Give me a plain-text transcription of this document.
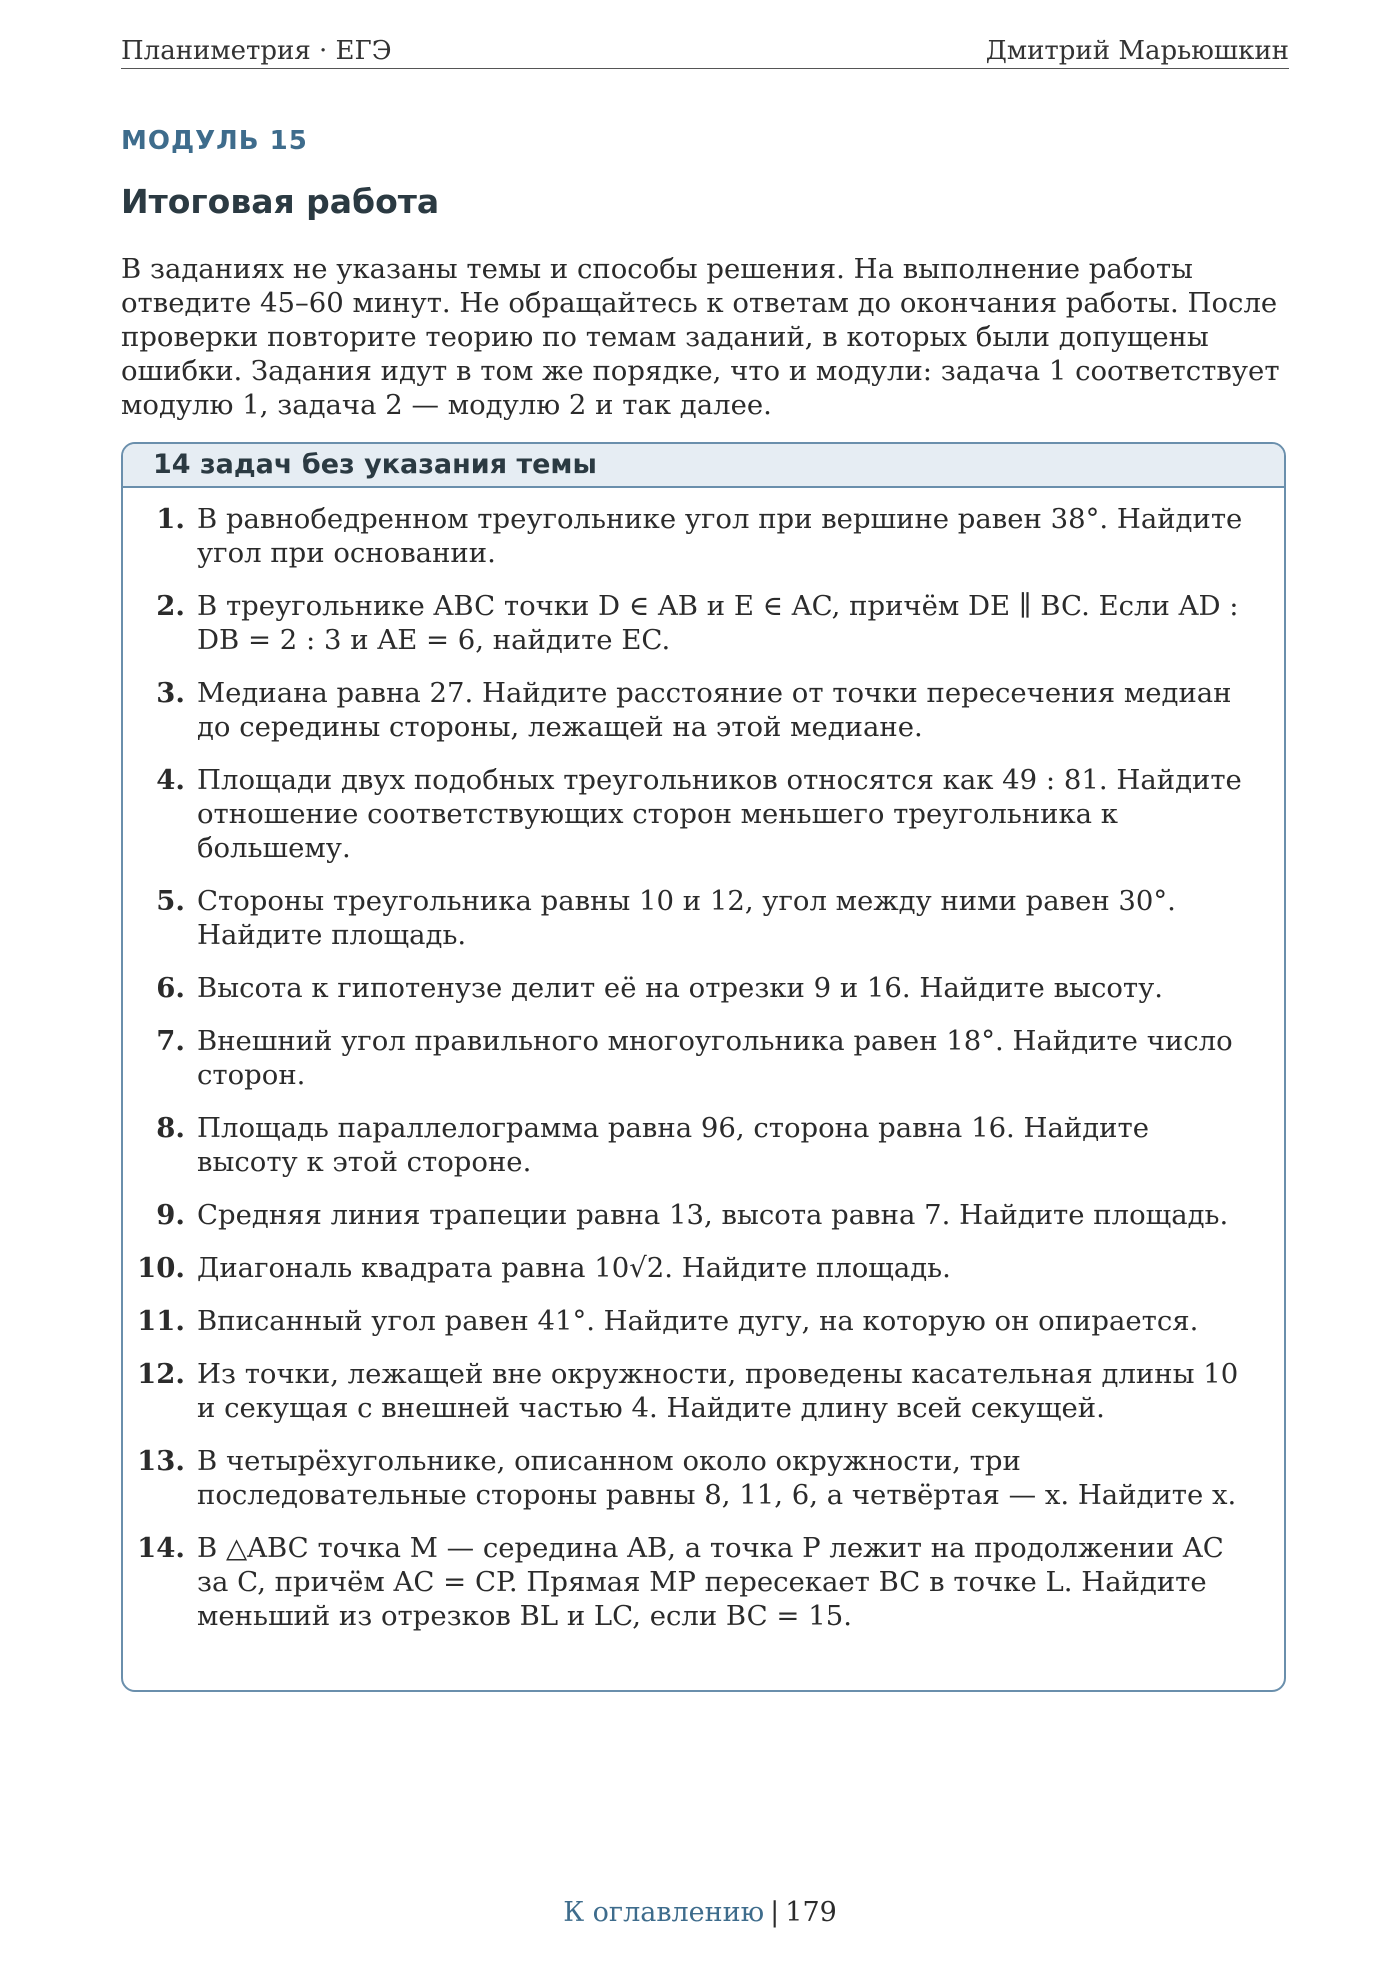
Планиметрия · ЕГЭ	Дмитрий Марьюшкин
МОДУЛЬ 15
Итоговая работа

В заданиях не указаны темы и способы решения. На выполнение работы отведите 45–60 минут. Не обращайтесь к ответам до окончания работы. После проверки повторите теорию по темам заданий, в которых были допущены ошибки. Задания идут в том же порядке, что и модули: задача 1 соответствует модулю 1, задача 2 — модулю 2 и так далее.

14 задач без указания темы
1. В равнобедренном треугольнике угол при вершине равен 38°. Найдите угол при основании.
2. В треугольнике ABC точки D ∈ AB и E ∈ AC, причём DE ∥ BC. Если AD : DB = 2 : 3 и AE = 6, найдите EC.
3. Медиана равна 27. Найдите расстояние от точки пересечения медиан до середины стороны, лежащей на этой медиане.
4. Площади двух подобных треугольников относятся как 49 : 81. Найдите отношение соответствующих сторон меньшего треугольника к большему.
5. Стороны треугольника равны 10 и 12, угол между ними равен 30°. Найдите площадь.
6. Высота к гипотенузе делит её на отрезки 9 и 16. Найдите высоту.
7. Внешний угол правильного многоугольника равен 18°. Найдите число сторон.
8. Площадь параллелограмма равна 96, сторона равна 16. Найдите высоту к этой стороне.
9. Средняя линия трапеции равна 13, высота равна 7. Найдите площадь.
10. Диагональ квадрата равна 10√2. Найдите площадь.
11. Вписанный угол равен 41°. Найдите дугу, на которую он опирается.
12. Из точки, лежащей вне окружности, проведены касательная длины 10 и секущая с внешней частью 4. Найдите длину всей секущей.
13. В четырёхугольнике, описанном около окружности, три последовательные стороны равны 8, 11, 6, а четвёртая — x. Найдите x.
14. В △ABC точка M — середина AB, а точка P лежит на продолжении AC за C, причём AC = CP. Прямая MP пересекает BC в точке L. Найдите меньший из отрезков BL и LC, если BC = 15.
К оглавлению | 179
